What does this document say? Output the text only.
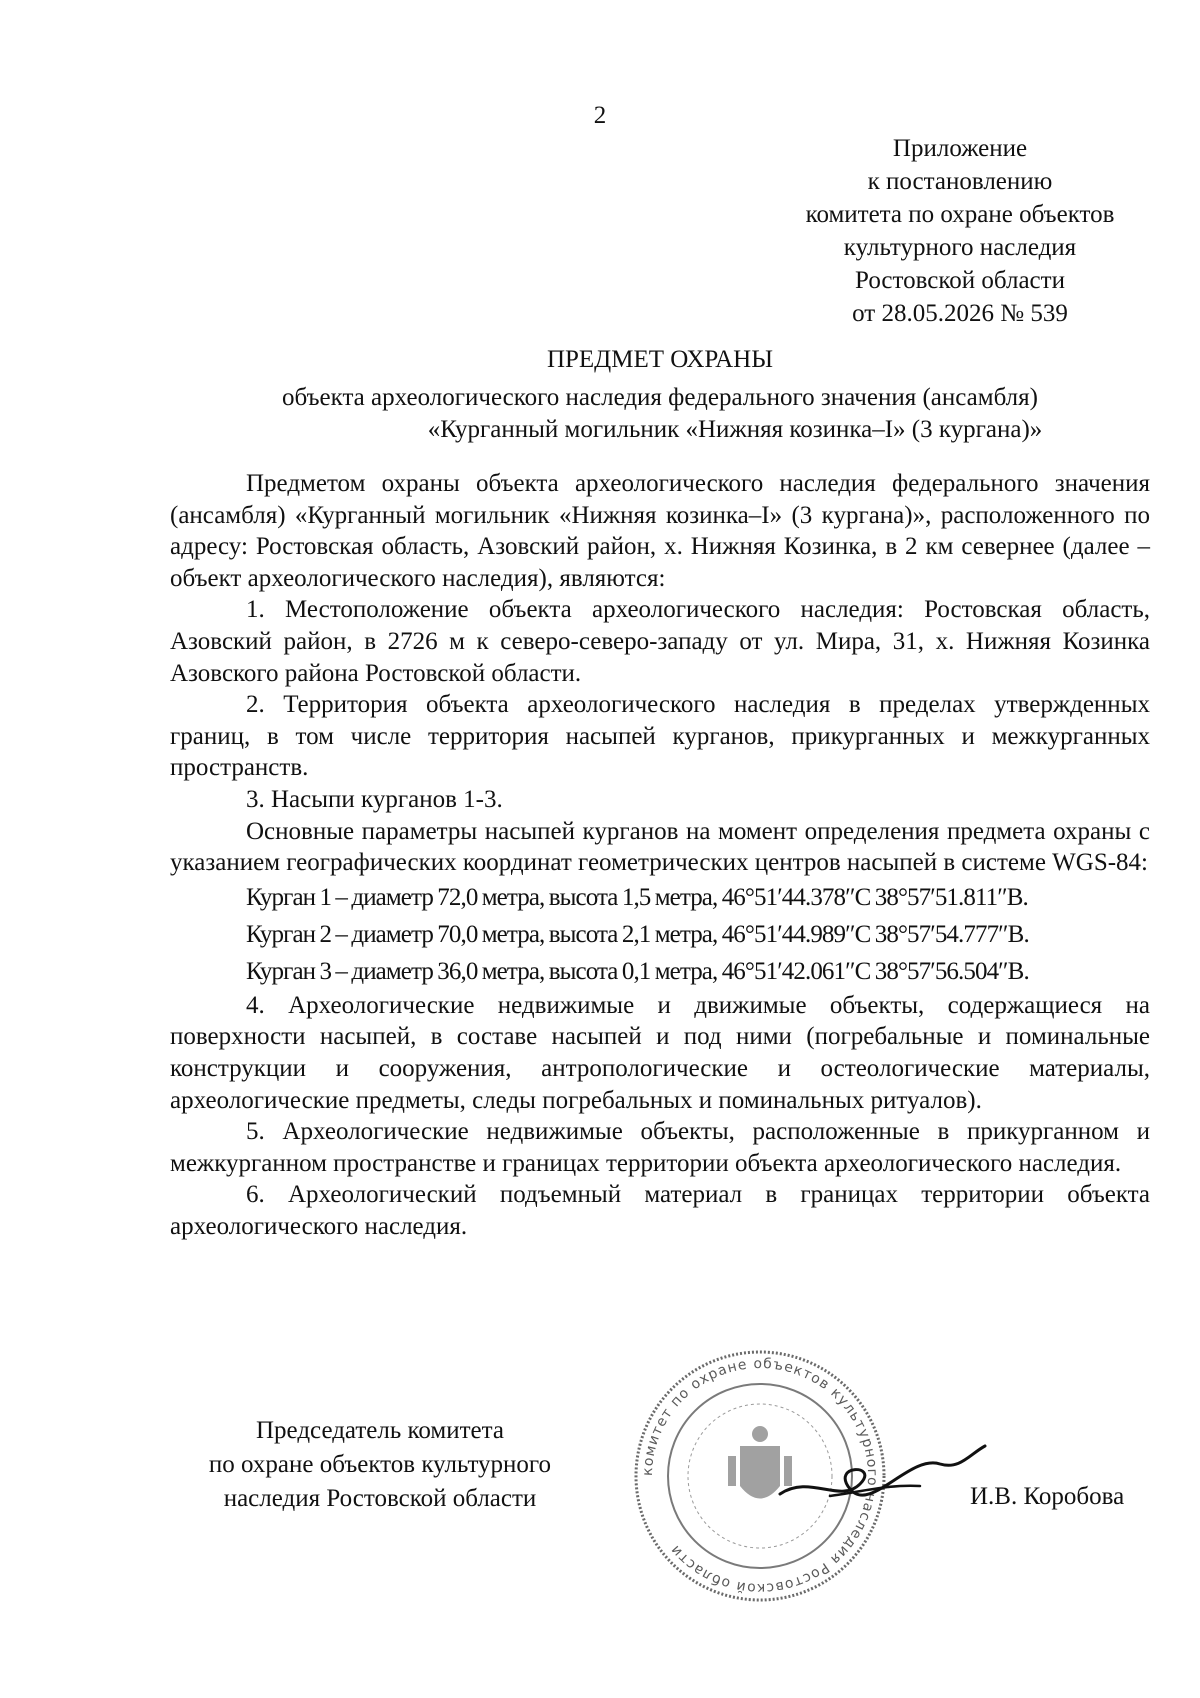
2
Приложение
к постановлению
комитета по охране объектов
культурного наследия
Ростовской области
от 28.05.2026 № 539
ПРЕДМЕТ ОХРАНЫ
объекта археологического наследия федерального значения (ансамбля)
«Курганный могильник «Нижняя козинка–I» (3 кургана)»

Предметом охраны объекта археологического наследия федерального значения (ансамбля) «Курганный могильник «Нижняя козинка–I» (3 кургана)», расположенного по адресу: Ростовская область, Азовский район, х. Нижняя Козинка, в 2 км севернее (далее – объект археологического наследия), являются:

1. Местоположение объекта археологического наследия: Ростовская область, Азовский район, в 2726 м к северо-северо-западу от ул. Мира, 31, х. Нижняя Козинка Азовского района Ростовской области.

2. Территория объекта археологического наследия в пределах утвержденных границ, в том числе территория насыпей курганов, прикурганных и межкурганных пространств.

3. Насыпи курганов 1-3.

Основные параметры насыпей курганов на момент определения предмета охраны с указанием географических координат геометрических центров насыпей в системе WGS-84:

Курган 1 – диаметр 72,0 метра, высота 1,5 метра, 46°51′44.378″С 38°57′51.811″В.

Курган 2 – диаметр 70,0 метра, высота 2,1 метра, 46°51′44.989″С 38°57′54.777″В.

Курган 3 – диаметр 36,0 метра, высота 0,1 метра, 46°51′42.061″С 38°57′56.504″В.

4. Археологические недвижимые и движимые объекты, содержащиеся на поверхности насыпей, в составе насыпей и под ними (погребальные и поминальные конструкции и сооружения, антропологические и остеологические материалы, археологические предметы, следы погребальных и поминальных ритуалов).

5. Археологические недвижимые объекты, расположенные в прикурганном и межкурганном пространстве и границах территории объекта археологического наследия.

6. Археологический подъемный материал в границах территории объекта археологического наследия.

Председатель комитета
по охране объектов культурного
наследия Ростовской области
комитет по охране объектов культурного наследия Ростовской области
И.В. Коробова
